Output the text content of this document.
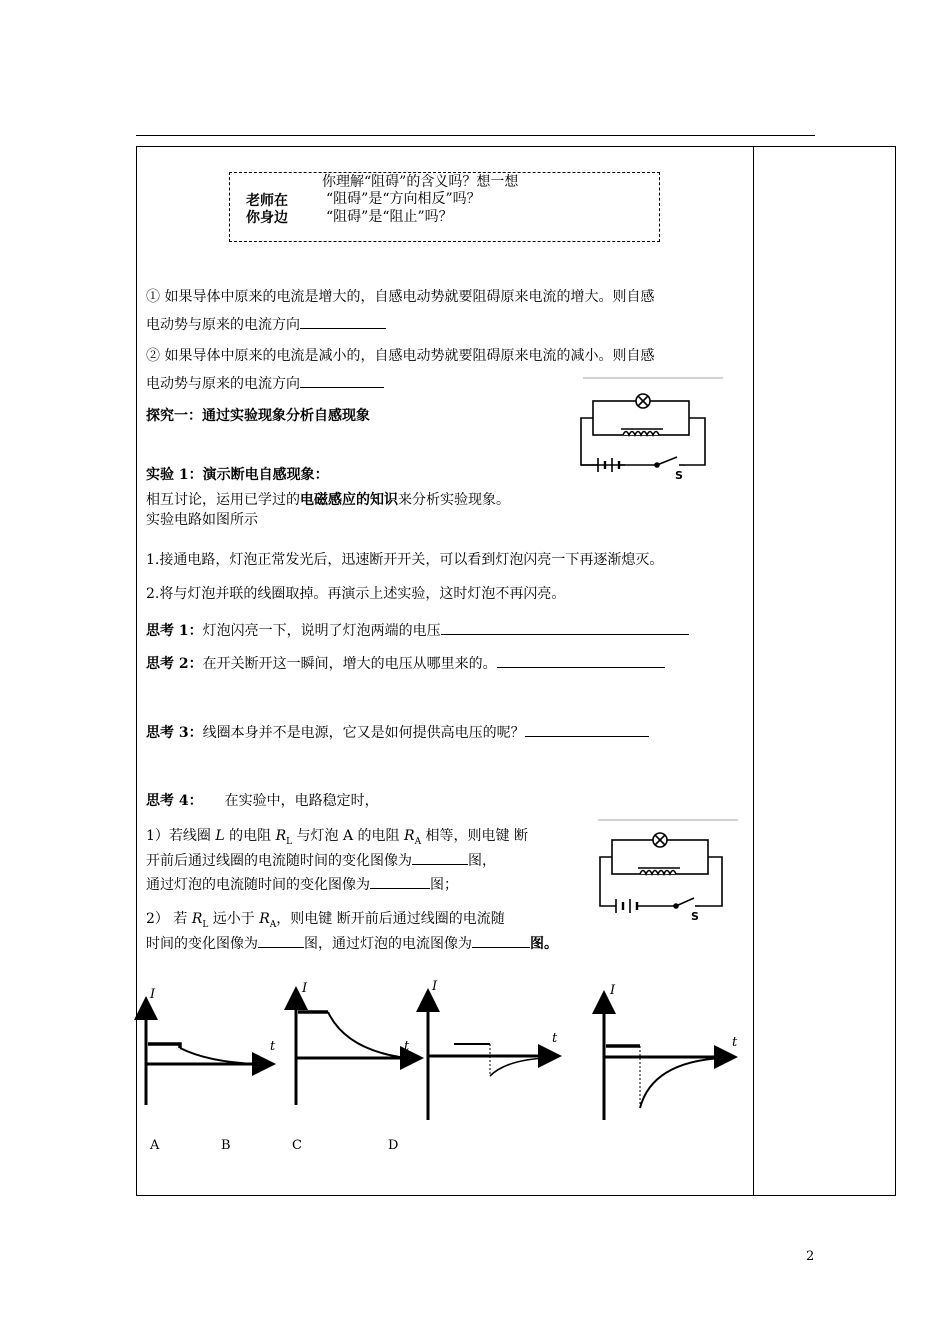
你理解“阻碍”的含义吗？想一想
老师在
你身边
“阻碍”是“方向相反”吗？
“阻碍”是“阻止”吗？
① 如果导体中原来的电流是增大的，自感电动势就要阻碍原来电流的增大。则自感
电动势与原来的电流方向
② 如果导体中原来的电流是减小的，自感电动势就要阻碍原来电流的减小。则自感
电动势与原来的电流方向
S
探究一：通过实验现象分析自感现象
实验 1：演示断电自感现象：
相互讨论，运用已学过的电磁感应的知识来分析实验现象。
实验电路如图所示
1.接通电路，灯泡正常发光后，迅速断开开关，可以看到灯泡闪亮一下再逐渐熄灭。
2.将与灯泡并联的线圈取掉。再演示上述实验，这时灯泡不再闪亮。
思考 1：灯泡闪亮一下，说明了灯泡两端的电压
思考 2：在开关断开这一瞬间，增大的电压从哪里来的。
思考 3：线圈本身并不是电源，它又是如何提供高电压的呢？
思考 4： 在实验中，电路稳定时，
1）若线圈 L 的电阻 $R_L$ 与灯泡 A 的电阻 $R_A$ 相等，则电键 断
开前后通过线圈的电流随时间的变化图像为	图，
通过灯泡的电流随时间的变化图像为	图；
2） 若 $R_L$ 远小于 $R_A$，则电键 断开前后通过线圈的电流随
时间的变化图像为	图，通过灯泡的电流图像为	图。
S
I
t
I
t
I
t
I
t
A	B	C	D
2
